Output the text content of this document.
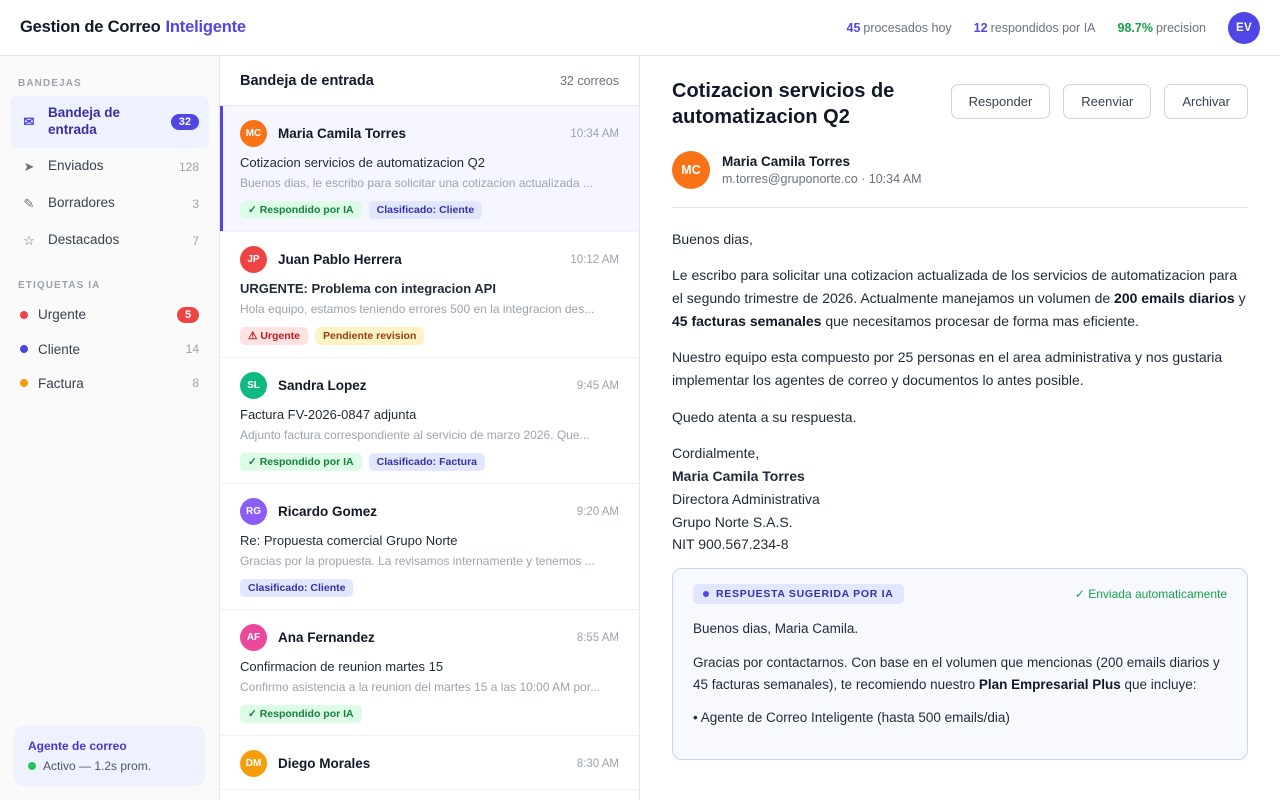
Gestion de Correo Inteligente	45 procesados hoy 12 respondidos por IA 98.7% precision	EV
BANDEJAS
✉
Bandeja de entrada	32
➤ Enviados	128
✎ Borradores	3
☆ Destacados	7
ETIQUETAS IA
Urgente	5
Cliente	14
Factura	8
Agente de correo
Activo — 1.2s prom.
Bandeja de entrada	32 correos
MC	Maria Camila Torres	10:34 AM
Cotizacion servicios de automatizacion Q2
Buenos dias, le escribo para solicitar una cotizacion actualizada ...
✓ Respondido por IA	Clasificado: Cliente
JP	Juan Pablo Herrera	10:12 AM
URGENTE: Problema con integracion API
Hola equipo, estamos teniendo errores 500 en la integracion des...
⚠ Urgente	Pendiente revision
SL	Sandra Lopez	9:45 AM
Factura FV-2026-0847 adjunta
Adjunto factura correspondiente al servicio de marzo 2026. Que...
✓ Respondido por IA	Clasificado: Factura
RG	Ricardo Gomez	9:20 AM
Re: Propuesta comercial Grupo Norte
Gracias por la propuesta. La revisamos internamente y tenemos ...
Clasificado: Cliente
AF	Ana Fernandez	8:55 AM
Confirmacion de reunion martes 15
Confirmo asistencia a la reunion del martes 15 a las 10:00 AM por...
✓ Respondido por IA
DM	Diego Morales	8:30 AM
Cotizacion servicios de automatizacion Q2
Responder	Reenviar	Archivar
MC
Maria Camila Torres
m.torres@gruponorte.co · 10:34 AM

Buenos dias,

Le escribo para solicitar una cotizacion actualizada de los servicios de automatizacion para el segundo trimestre de 2026. Actualmente manejamos un volumen de 200 emails diarios y 45 facturas semanales que necesitamos procesar de forma mas eficiente.

Nuestro equipo esta compuesto por 25 personas en el area administrativa y nos gustaria implementar los agentes de correo y documentos lo antes posible.

Quedo atenta a su respuesta.

Cordialmente,
Maria Camila Torres
Directora Administrativa
Grupo Norte S.A.S.
NIT 900.567.234-8
RESPUESTA SUGERIDA POR IA	✓ Enviada automaticamente

Buenos dias, Maria Camila.

Gracias por contactarnos. Con base en el volumen que mencionas (200 emails diarios y 45 facturas semanales), te recomiendo nuestro Plan Empresarial Plus que incluye:

• Agente de Correo Inteligente (hasta 500 emails/dia)
